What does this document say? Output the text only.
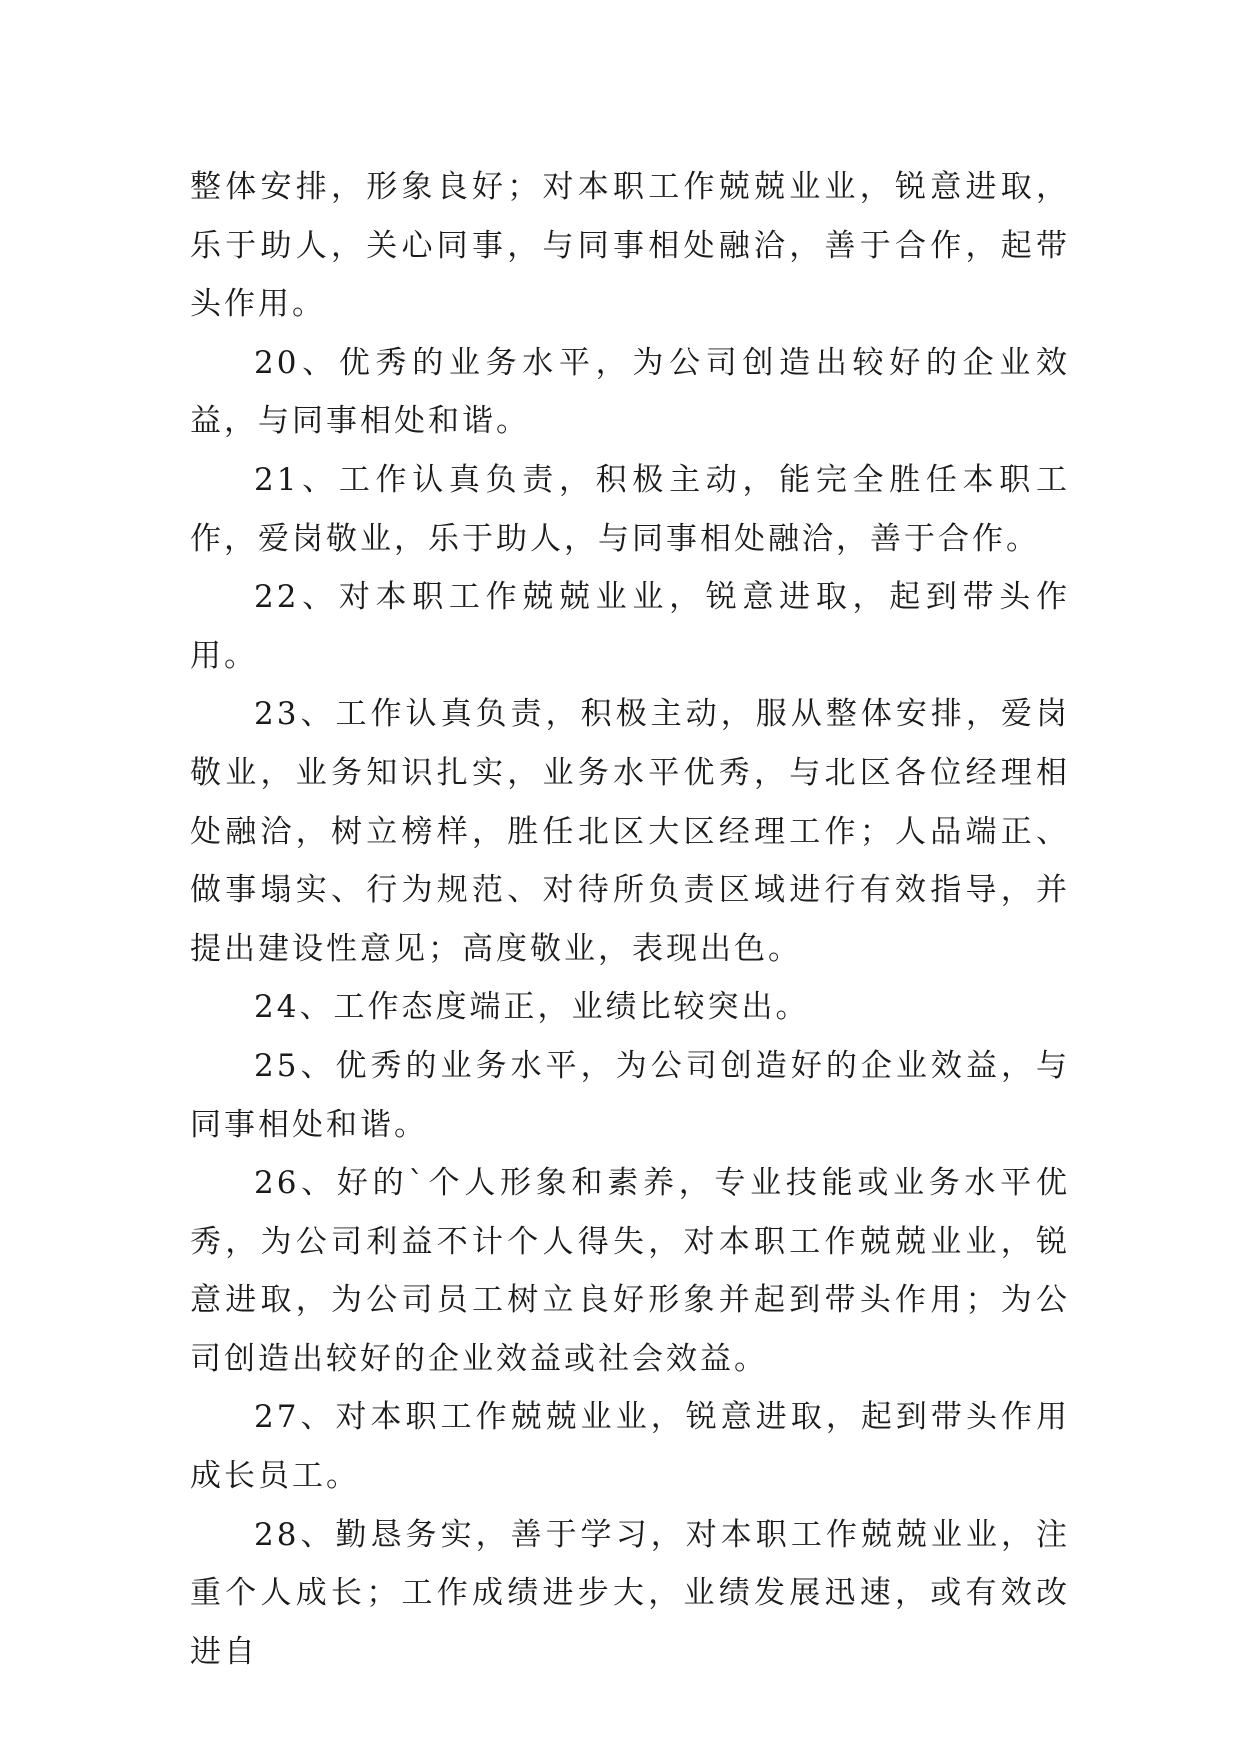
整体安排，形象良好；对本职工作兢兢业业，锐意进取，乐于助人，关心同事，与同事相处融洽，善于合作，起带头作用。

20、优秀的业务水平，为公司创造出较好的企业效益，与同事相处和谐。

21、工作认真负责，积极主动，能完全胜任本职工作，爱岗敬业，乐于助人，与同事相处融洽，善于合作。

22、对本职工作兢兢业业，锐意进取，起到带头作用。

23、工作认真负责，积极主动，服从整体安排，爱岗敬业，业务知识扎实，业务水平优秀，与北区各位经理相处融洽，树立榜样，胜任北区大区经理工作；人品端正、做事塌实、行为规范、对待所负责区域进行有效指导，并提出建设性意见；高度敬业，表现出色。

24、工作态度端正，业绩比较突出。

25、优秀的业务水平，为公司创造好的企业效益，与同事相处和谐。

26、好的`个人形象和素养，专业技能或业务水平优秀，为公司利益不计个人得失，对本职工作兢兢业业，锐意进取，为公司员工树立良好形象并起到带头作用；为公司创造出较好的企业效益或社会效益。

27、对本职工作兢兢业业，锐意进取，起到带头作用成长员工。

28、勤恳务实，善于学习，对本职工作兢兢业业，注重个人成长；工作成绩进步大，业绩发展迅速，或有效改进自
